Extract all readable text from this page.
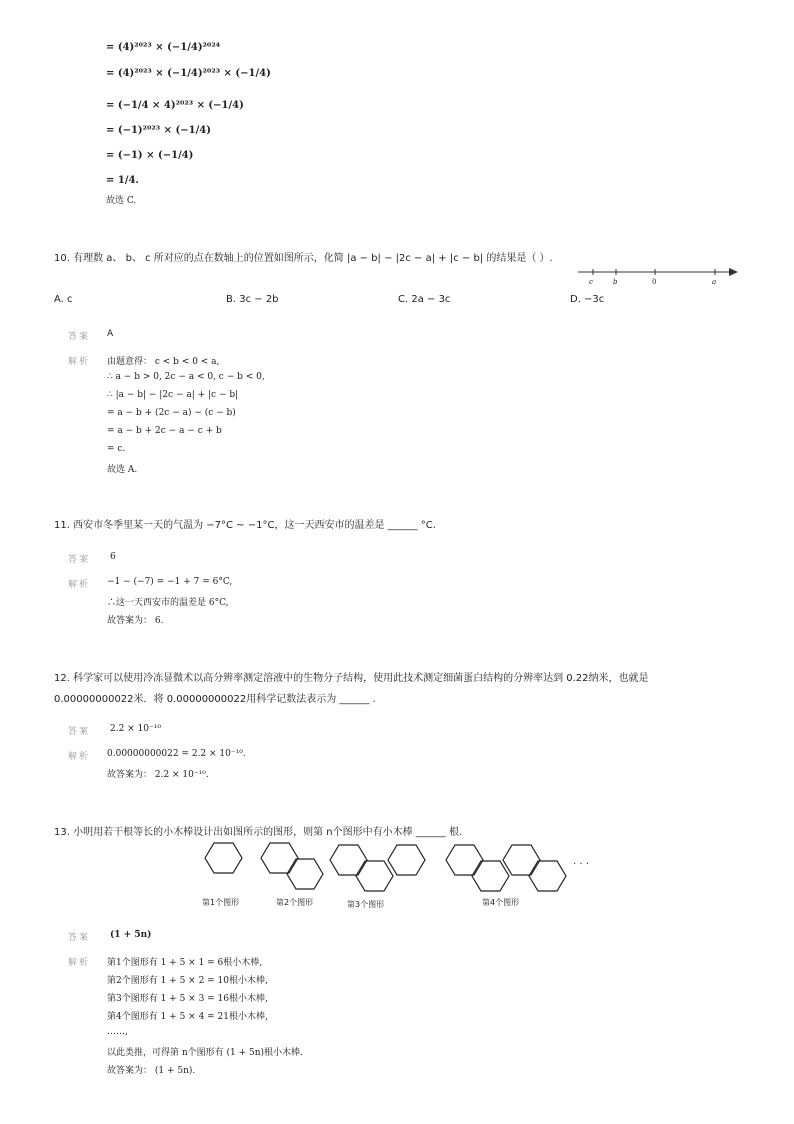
= (4)²⁰²³ × (−1/4)²⁰²⁴
= (4)²⁰²³ × (−1/4)²⁰²³ × (−1/4)
= (−1/4 × 4)²⁰²³ × (−1/4)
= (−1)²⁰²³ × (−1/4)
= (−1) × (−1/4)
= 1/4.
故选 C.
10. 有理数 a、 b、 c 所对应的点在数轴上的位置如图所示，化简 |a − b| − |2c − a| + |c − b| 的结果是（ ）.
c	b	0	a
A. c	B. 3c − 2b	C. 2a − 3c	D. −3c
答案 A
解析 由题意得： c < b < 0 < a,
∴ a − b > 0, 2c − a < 0, c − b < 0,
∴ |a − b| − |2c − a| + |c − b|
= a − b + (2c − a) − (c − b)
= a − b + 2c − a − c + b
= c.
故选 A.
11. 西安市冬季里某一天的气温为 −7°C ~ −1°C，这一天西安市的温差是 ______ °C.
答案 6
解析 −1 − (−7) = −1 + 7 = 6°C,
∴这一天西安市的温差是 6°C,
故答案为： 6.
12. 科学家可以使用冷冻显微术以高分辨率测定溶液中的生物分子结构，使用此技术测定细菌蛋白结构的分辨率达到 0.22纳米，也就是
0.00000000022米．将 0.00000000022用科学记数法表示为 ______ .
答案 2.2 × 10⁻¹⁰
解析 0.00000000022 = 2.2 × 10⁻¹⁰.
故答案为： 2.2 × 10⁻¹⁰.
13. 小明用若干根等长的小木棒设计出如图所示的图形，则第 n个图形中有小木棒 ______ 根.
· · ·
第1个图形	第2个图形	第3个图形	第4个图形
答案 (1 + 5n)
解析 第1个图形有 1 + 5 × 1 = 6根小木棒,
第2个图形有 1 + 5 × 2 = 10根小木棒,
第3个图形有 1 + 5 × 3 = 16根小木棒,
第4个图形有 1 + 5 × 4 = 21根小木棒,
……,
以此类推，可得第 n个图形有 (1 + 5n)根小木棒.
故答案为： (1 + 5n).
